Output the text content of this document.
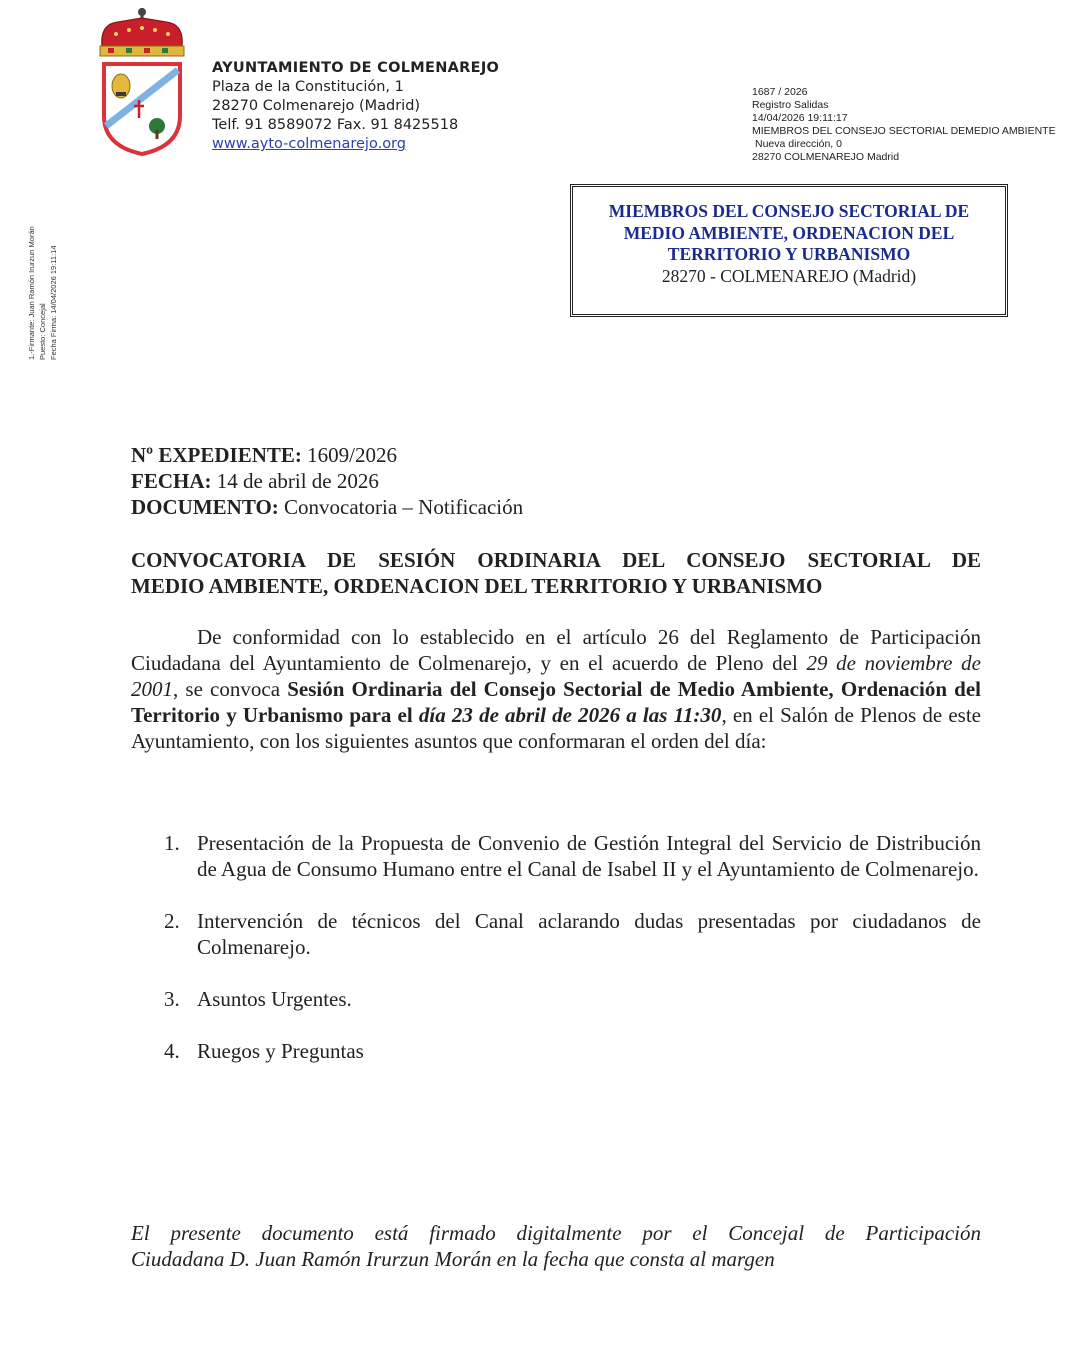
AYUNTAMIENTO DE COLMENAREJO
Plaza de la Constitución, 1
28270 Colmenarejo (Madrid)
Telf. 91 8589072 Fax. 91 8425518
www.ayto-colmenarejo.org
1687 / 2026
Registro Salidas
14/04/2026 19:11:17
MIEMBROS DEL CONSEJO SECTORIAL DEMEDIO AMBIENTE
Nueva dirección, 0
28270 COLMENAREJO Madrid
1.-Firmante: Juan Ramón Irurzun Morán Puesto: Concejal Fecha Firma: 14/04/2026 19:11:14
MIEMBROS DEL CONSEJO SECTORIAL DE
MEDIO AMBIENTE, ORDENACION DEL
TERRITORIO Y URBANISMO
28270 - COLMENAREJO (Madrid)
Nº EXPEDIENTE: 1609/2026
FECHA: 14 de abril de 2026
DOCUMENTO: Convocatoria – Notificación
CONVOCATORIA DE SESIÓN ORDINARIA DEL CONSEJO SECTORIAL DE
MEDIO AMBIENTE, ORDENACION DEL TERRITORIO Y URBANISMO
De conformidad con lo establecido en el artículo 26 del Reglamento de Participación Ciudadana del Ayuntamiento de Colmenarejo, y en el acuerdo de Pleno del 29 de noviembre de 2001, se convoca Sesión Ordinaria del Consejo Sectorial de Medio Ambiente, Ordenación del Territorio y Urbanismo para el día 23 de abril de 2026 a las 11:30, en el Salón de Plenos de este Ayuntamiento, con los siguientes asuntos que conformaran el orden del día:
1. Presentación de la Propuesta de Convenio de Gestión Integral del Servicio de Distribución de Agua de Consumo Humano entre el Canal de Isabel II y el Ayuntamiento de Colmenarejo.
2. Intervención de técnicos del Canal aclarando dudas presentadas por ciudadanos de Colmenarejo.
3. Asuntos Urgentes.
4. Ruegos y Preguntas
El presente documento está firmado digitalmente por el Concejal de Participación
Ciudadana D. Juan Ramón Irurzun Morán en la fecha que consta al margen
